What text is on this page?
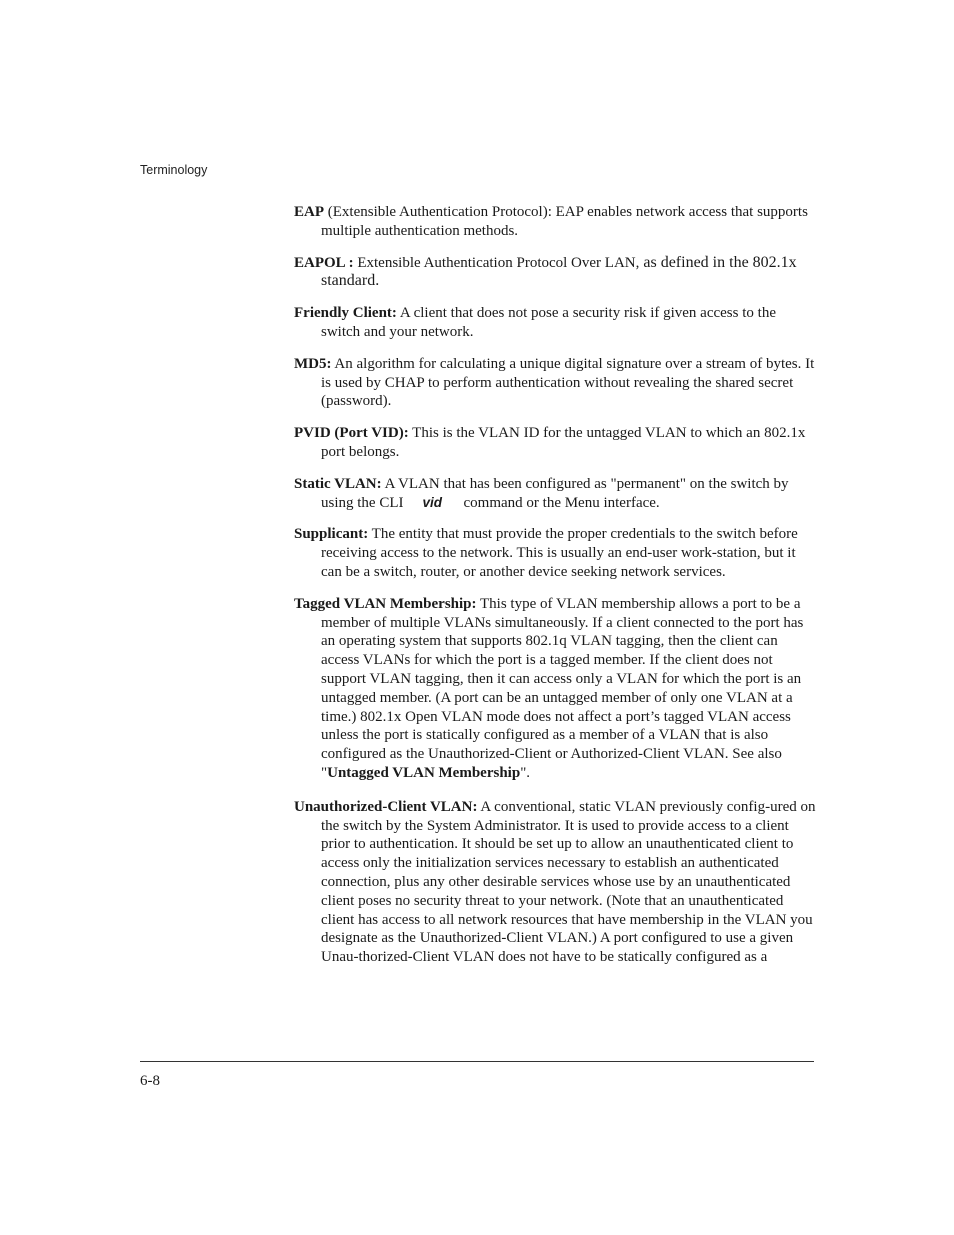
Terminology

EAP (Extensible Authentication Protocol): EAP enables network access that supports multiple authentication methods.

EAPOL : Extensible Authentication Protocol Over LAN, as defined in the 802.1x standard.

Friendly Client: A client that does not pose a security risk if given access to the switch and your network.

MD5: An algorithm for calculating a unique digital signature over a stream of bytes. It is used by CHAP to perform authentication without revealing the shared secret (password).

PVID (Port VID): This is the VLAN ID for the untagged VLAN to which an 802.1x port belongs.

Static VLAN: A VLAN that has been configured as "permanent" on the switch by using the CLI vid command or the Menu interface.

Supplicant: The entity that must provide the proper credentials to the switch before receiving access to the network. This is usually an end-user work-station, but it can be a switch, router, or another device seeking network services.

Tagged VLAN Membership: This type of VLAN membership allows a port to be a member of multiple VLANs simultaneously. If a client connected to the port has an operating system that supports 802.1q VLAN tagging, then the client can access VLANs for which the port is a tagged member. If the client does not support VLAN tagging, then it can access only a VLAN for which the port is an untagged member. (A port can be an untagged member of only one VLAN at a time.) 802.1x Open VLAN mode does not affect a port’s tagged VLAN access unless the port is statically configured as a member of a VLAN that is also configured as the Unauthorized-Client or Authorized-Client VLAN. See also "Untagged VLAN Membership".

Unauthorized-Client VLAN: A conventional, static VLAN previously config-ured on the switch by the System Administrator. It is used to provide access to a client prior to authentication. It should be set up to allow an unauthenticated client to access only the initialization services necessary to establish an authenticated connection, plus any other desirable services whose use by an unauthenticated client poses no security threat to your network. (Note that an unauthenticated client has access to all network resources that have membership in the VLAN you designate as the Unauthorized-Client VLAN.) A port configured to use a given Unau-thorized-Client VLAN does not have to be statically configured as a

6-8
